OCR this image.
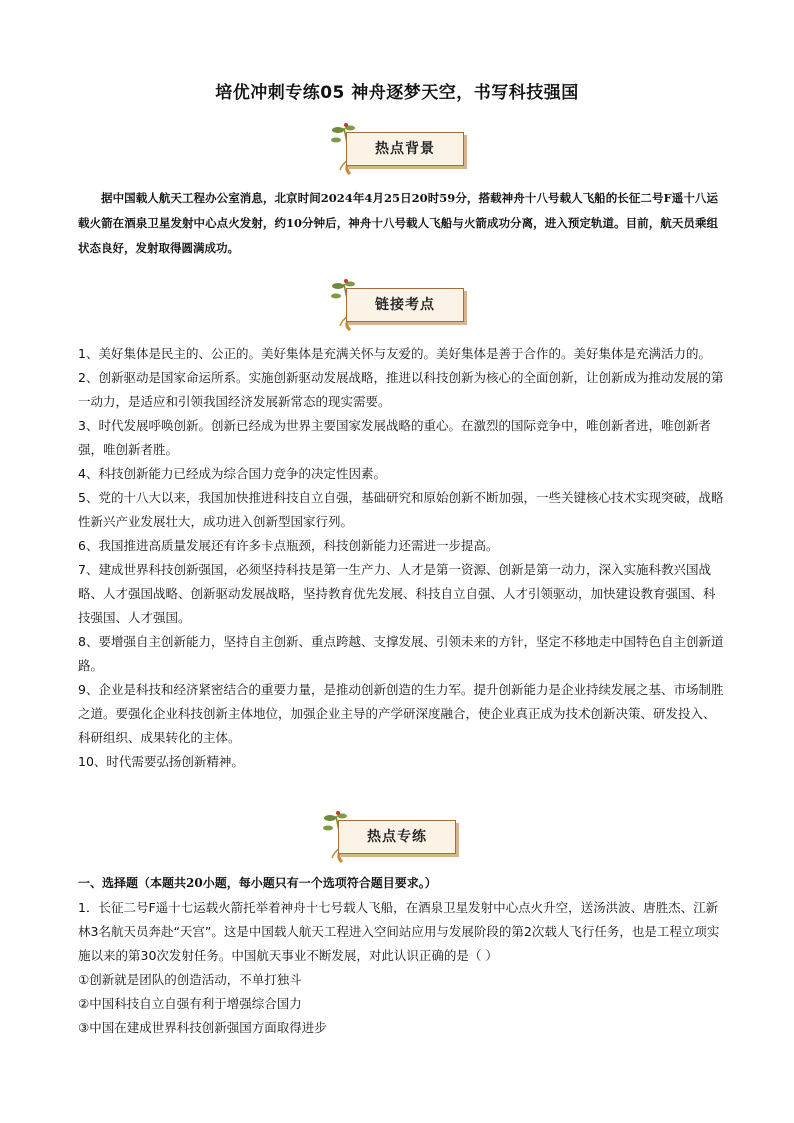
培优冲刺专练05 神舟逐梦天空，书写科技强国
热点背景
据中国载人航天工程办公室消息，北京时间2024年4月25日20时59分，搭载神舟十八号载人飞船的长征二号F遥十八运载火箭在酒泉卫星发射中心点火发射，约10分钟后，神舟十八号载人飞船与火箭成功分离，进入预定轨道。目前，航天员乘组状态良好，发射取得圆满成功。
链接考点

1、美好集体是民主的、公正的。美好集体是充满关怀与友爱的。美好集体是善于合作的。美好集体是充满活力的。

2、创新驱动是国家命运所系。实施创新驱动发展战略，推进以科技创新为核心的全面创新，让创新成为推动发展的第一动力，是适应和引领我国经济发展新常态的现实需要。

3、时代发展呼唤创新。创新已经成为世界主要国家发展战略的重心。在激烈的国际竞争中，唯创新者进，唯创新者强，唯创新者胜。

4、科技创新能力已经成为综合国力竞争的决定性因素。

5、党的十八大以来，我国加快推进科技自立自强，基础研究和原始创新不断加强，一些关键核心技术实现突破，战略性新兴产业发展壮大，成功进入创新型国家行列。

6、我国推进高质量发展还有许多卡点瓶颈，科技创新能力还需进一步提高。

7、建成世界科技创新强国，必须坚持科技是第一生产力、人才是第一资源、创新是第一动力，深入实施科教兴国战略、人才强国战略、创新驱动发展战略，坚持教育优先发展、科技自立自强、人才引领驱动，加快建设教育强国、科技强国、人才强国。

8、要增强自主创新能力，坚持自主创新、重点跨越、支撑发展、引领未来的方针，坚定不移地走中国特色自主创新道路。

9、企业是科技和经济紧密结合的重要力量，是推动创新创造的生力军。提升创新能力是企业持续发展之基、市场制胜之道。要强化企业科技创新主体地位，加强企业主导的产学研深度融合，使企业真正成为技术创新决策、研发投入、科研组织、成果转化的主体。

10、时代需要弘扬创新精神。

热点专练
一、选择题（本题共20小题，每小题只有一个选项符合题目要求。）

1．长征二号F遥十七运载火箭托举着神舟十七号载人飞船，在酒泉卫星发射中心点火升空，送汤洪波、唐胜杰、江新林3名航天员奔赴“天宫”。这是中国载人航天工程进入空间站应用与发展阶段的第2次载人飞行任务，也是工程立项实施以来的第30次发射任务。中国航天事业不断发展，对此认识正确的是（ ）

①创新就是团队的创造活动，不单打独斗

②中国科技自立自强有利于增强综合国力

③中国在建成世界科技创新强国方面取得进步
